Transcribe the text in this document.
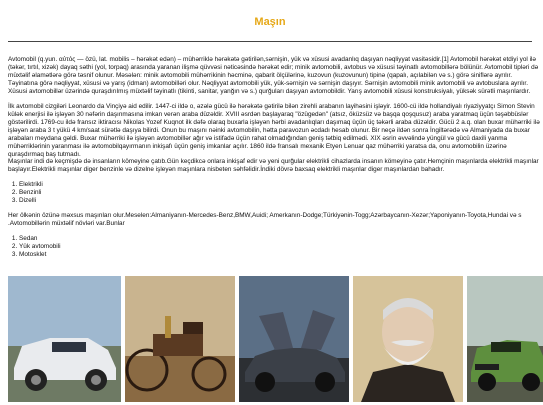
Maşın

Avtomobil (q.yun. αὐτός — özü, lat. mobilis – hərəkət edən) – mühərriklə hərəkətə gətirilən,sərnişin, yük və xüsusi avadanlıq daşıyan nəqliyyat vasitəsidir.[1] Avtomobil hərəkət etdiyi yol ilə (təkər, tırtıl, xizək) dayaq səthi (yol, torpaq) arasında yaranan ilişmə qüvvəsi nəticəsində hərəkət edir; minik avtomobili, avtobus və xüsusi təyinatlı avtomobillərə bölünür. Avtomobil tipləri də müxtəlif əlamətlərə görə təsnif olunur. Məsələn: minik avtomobili mühərrikinin həcminə, qabarit ölçülərinə, kuzovun (kuzovunun) tipinə (qapalı, açılabilən və s.) görə siniflərə ayrılır. Təyinatına görə nəqliyyat, xüsusi və yarış (idman) avtomobilləri olur. Nəqliyyat avtomobili yük, yük-sərnişin və sərnişin daşıyır. Sərnişin avtomobili minik avtomobili və avtobuslara ayrılır. Xüsusi avtomobillər üzərində quraşdırılmış müxtəlif təyinatlı (tikinti, sanitar, yanğın və s.) qurğuları daşıyan avtomobildir. Yarış avtomobili xüsusi konstruksiyalı, yüksək sürətli maşınlardır.

İlk avtomobil cizgiləri Leonardo da Vinçiyə aid edilir. 1447-ci ildə o, əzələ gücü ilə hərəkətə gətirilə bilən zirehli arabanın layihəsini işləyir. 1600-cü ildə hollandiyalı riyaziyyatçı Simon Stevin külək enerjisi ilə işləyən 30 nəfərin daşınmasına imkan verən araba düzəldir. XVIII əsrdən başlayaraq "özügedən" (atsız, öküzsüz və başqa qoşqusuz) araba yaratmaq üçün təşəbbüslər göstərilirdi. 1769-cu ildə fransız iktiracısı Nikolas Yozef Kuqnot ilk dəfə olaraq buxarla işləyən hərbi avadanlıqları daşımaq üçün üç təkərli araba düzəldir. Gücü 2 a.q. olan buxar mühərriki ilə işləyən araba 3 t yükü 4 km/saat sürətlə daşıya bilirdi. Onun bu maşını nəinki avtomobilin, hətta paravozun əcdadı hesab olunur. Bir neçə ildən sonra İngiltərədə və Almaniyada da buxar arabaları meydana gəldi. Buxar mühərriki ilə işləyən avtomobillər ağır və istifadə üçün rahat olmadığından geniş tətbiq edilmədi. XIX əsrin əvvəlində yüngül və gücü daxili yanma mühərriklərinin yaranması ilə avtomobilqayırmanın inkişafı üçün geniş imkanlar açılır. 1860 ildə fransalı mexanik Etyen Lenuar qaz mühərriki yaratsa da, onu avtomobilin üzərinə quraşdırmaq baş tutmadı.

Maşınlar indi də keçmişdə də insanların kömeyine çatıb.Gün keçdikcə onlara inkişaf edir və yeni qurğular elektrikli cihazlarda insanın kömeyinə çatır.Hemçinin maşınlarda elektrikli maşınlar başlayır.Elektrikli maşınlar diger benzinle və dizelne işleyən maşınlara nisbeten səhfəlidir.İndiki dövrə baxsaq elektrikli maşınlar diger maşınlardan bahadır.

1. Elektrikli
2. Benzinli
3. Dizelli

Her ölkənin özünə məxsus maşınları olur.Meselen:Almaniyanın-Mercedes-Benz,BMW,Auidi; Amerkanın-Dodge;Türkiyənin-Togg;Azərbaycanın-Xezər;Yaponiyanın-Toyota,Hundai və s .Avtomobillərin müxtəlif növləri var.Bunlar

1. Sedan
2. Yük avtomobili
3. Motosklet
